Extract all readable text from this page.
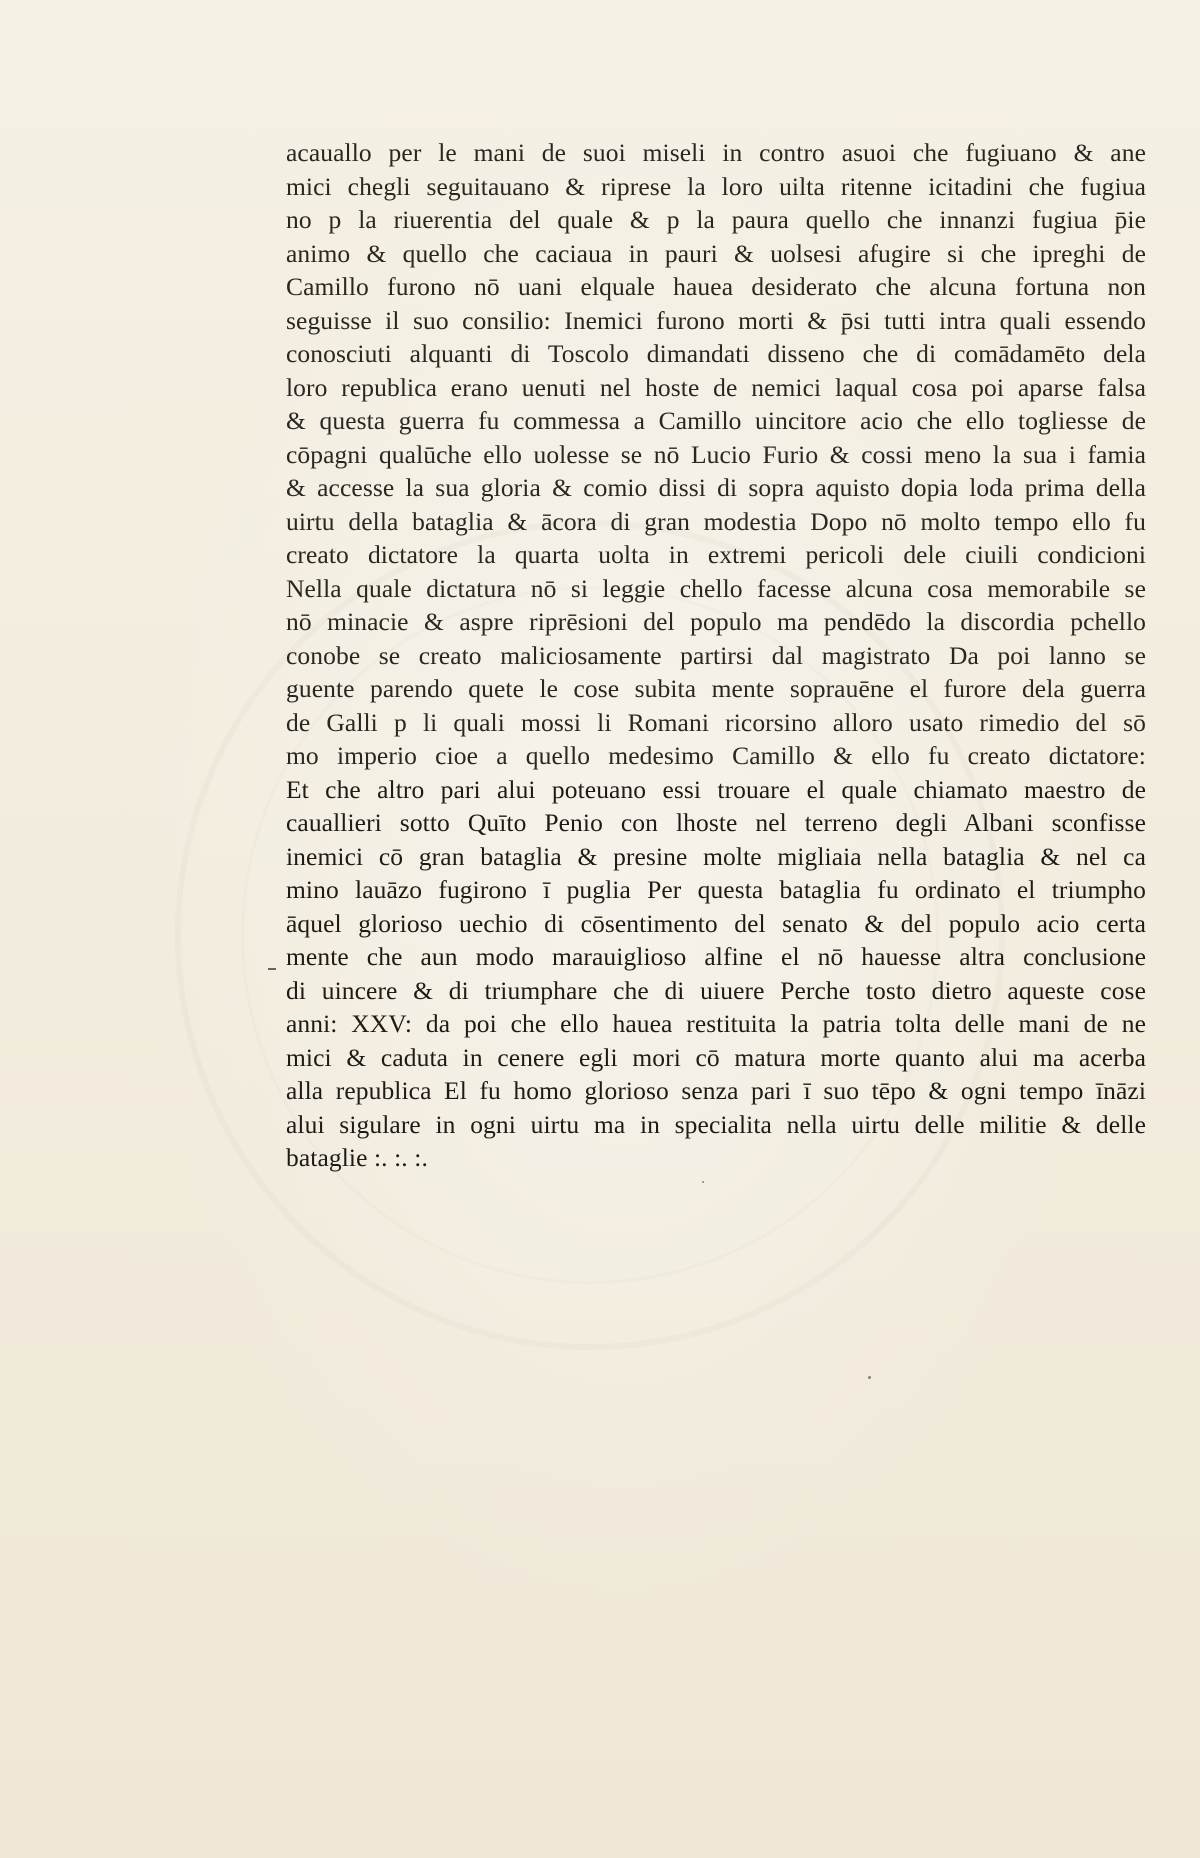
acauallo per le mani de suoi miseli in contro asuoi che fugiuano & ane
mici chegli seguitauano & riprese la loro uilta ritenne icitadini che fugiua
no p la riuerentia del quale & p la paura quello che innanzi fugiua p̄ie
animo & quello che caciaua in pauri & uolsesi afugire si che ipreghi de
Camillo furono nō uani elquale hauea desiderato che alcuna fortuna non
seguisse il suo consilio: Inemici furono morti & p̄si tutti intra quali essendo
conosciuti alquanti di Toscolo dimandati disseno che di comādamēto dela
loro republica erano uenuti nel hoste de nemici laqual cosa poi aparse falsa
& questa guerra fu commessa a Camillo uincitore acio che ello togliesse de
cōpagni qualūche ello uolesse se nō Lucio Furio & cossi meno la sua i famia
& accesse la sua gloria & comio dissi di sopra aquisto dopia loda prima della
uirtu della bataglia & ācora di gran modestia Dopo nō molto tempo ello fu
creato dictatore la quarta uolta in extremi pericoli dele ciuili condicioni
Nella quale dictatura nō si leggie chello facesse alcuna cosa memorabile se
nō minacie & aspre riprēsioni del populo ma pendēdo la discordia pchello
conobe se creato maliciosamente partirsi dal magistrato Da poi lanno se
guente parendo quete le cose subita mente soprauēne el furore dela guerra
de Galli p li quali mossi li Romani ricorsino alloro usato rimedio del sō
mo imperio cioe a quello medesimo Camillo & ello fu creato dictatore:
Et che altro pari alui poteuano essi trouare el quale chiamato maestro de
cauallieri sotto Quīto Penio con lhoste nel terreno degli Albani sconfisse
inemici cō gran bataglia & presine molte migliaia nella bataglia & nel ca
mino lauāzo fugirono ī puglia Per questa bataglia fu ordinato el triumpho
āquel glorioso uechio di cōsentimento del senato & del populo acio certa
mente che aun modo marauiglioso alfine el nō hauesse altra conclusione
di uincere & di triumphare che di uiuere Perche tosto dietro aqueste cose
anni: XXV: da poi che ello hauea restituita la patria tolta delle mani de ne
mici & caduta in cenere egli mori cō matura morte quanto alui ma acerba
alla republica El fu homo glorioso senza pari ī suo tēpo & ogni tempo īnāzi
alui sigulare in ogni uirtu ma in specialita nella uirtu delle militie & delle
bataglie :. :. :.
